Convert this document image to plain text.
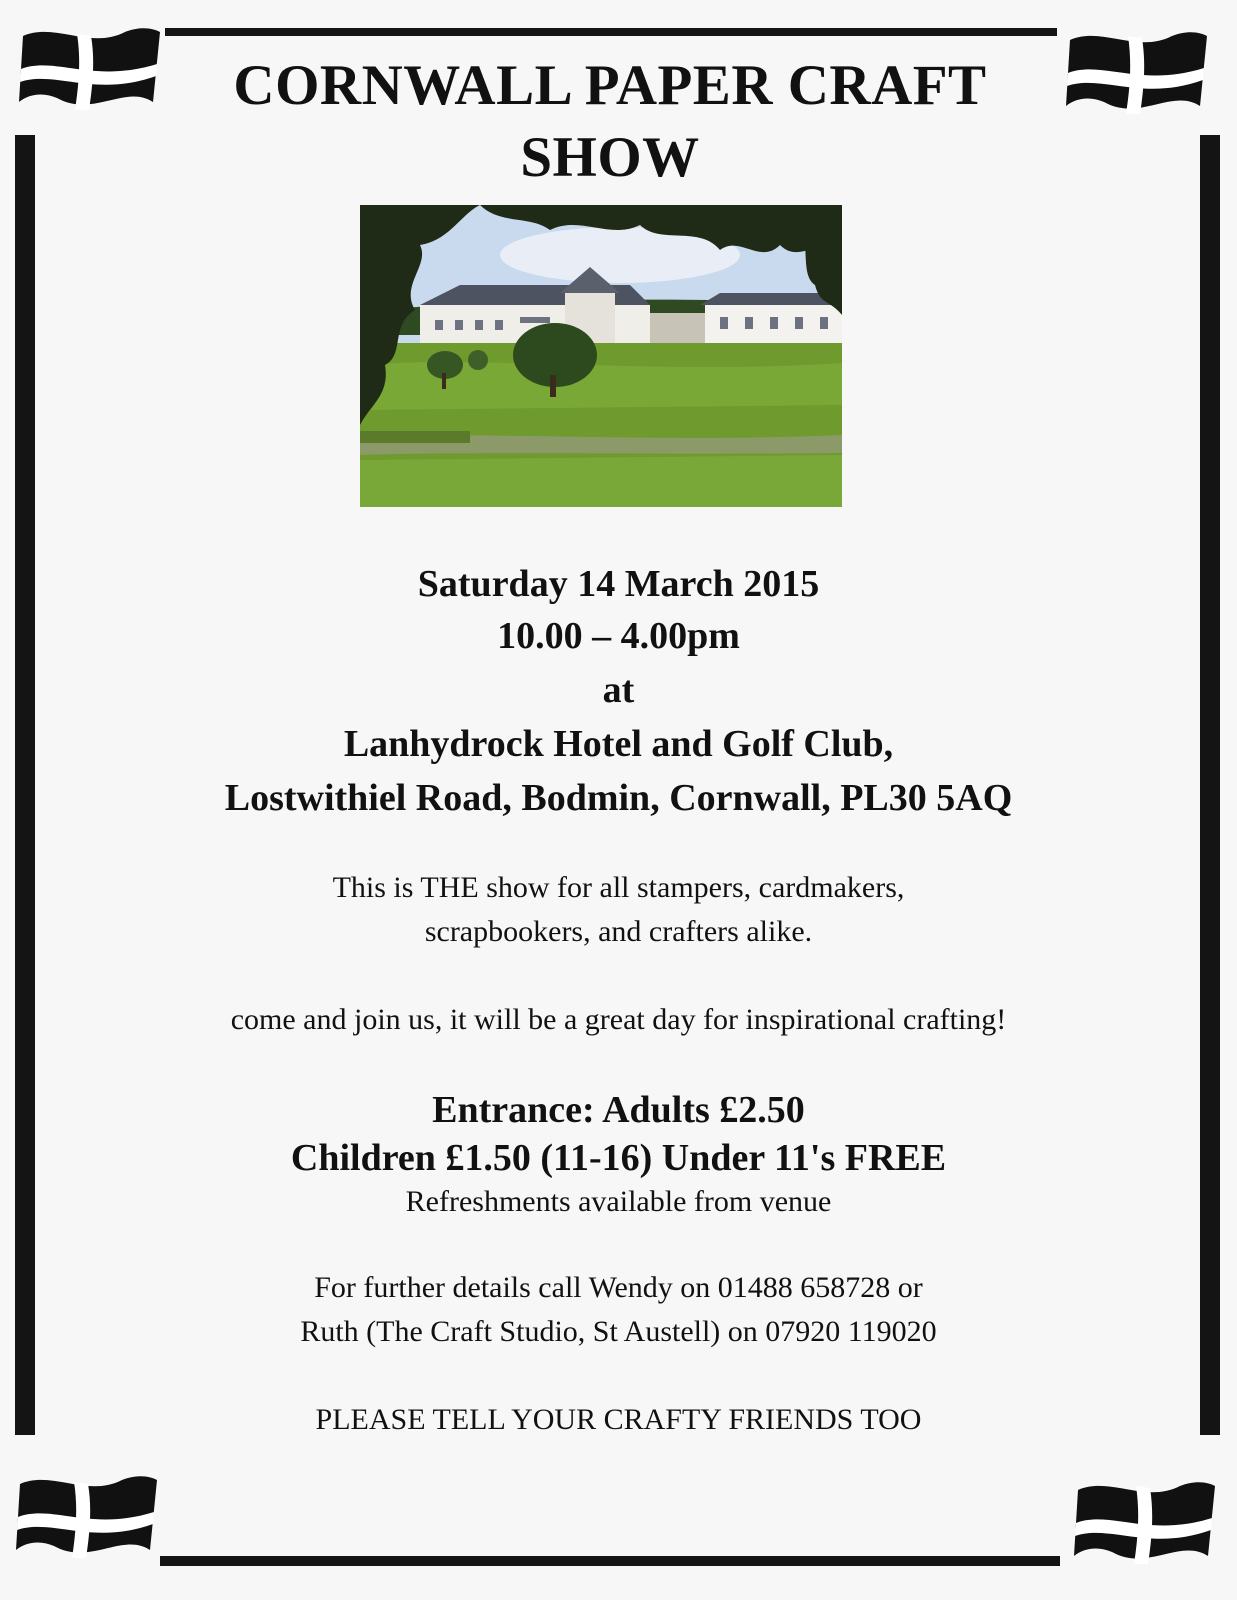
CORNWALL PAPER CRAFT
SHOW
Saturday 14 March 2015
10.00 – 4.00pm
at
Lanhydrock Hotel and Golf Club,
Lostwithiel Road, Bodmin, Cornwall, PL30 5AQ
This is THE show for all stampers, cardmakers,
scrapbookers, and crafters alike.
come and join us, it will be a great day for inspirational crafting!
Entrance: Adults £2.50
Children £1.50 (11-16) Under 11's FREE
Refreshments available from venue
For further details call Wendy on 01488 658728 or
Ruth (The Craft Studio, St Austell) on 07920 119020
PLEASE TELL YOUR CRAFTY FRIENDS TOO
